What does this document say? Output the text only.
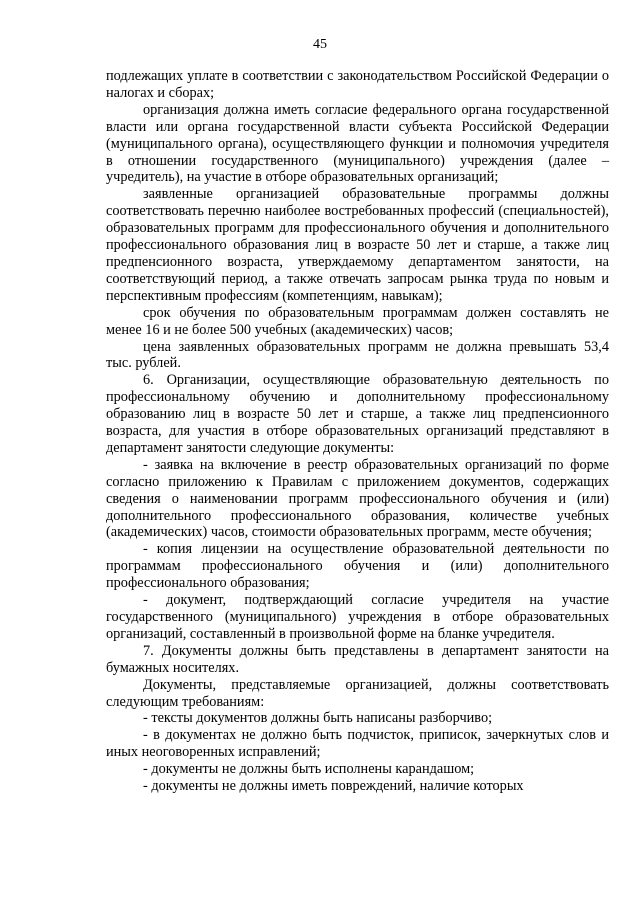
45

подлежащих уплате в соответствии с законодательством Российской Федерации о налогах и сборах;

организация должна иметь согласие федерального органа государственной власти или органа государственной власти субъекта Российской Федерации (муниципального органа), осуществляющего функции и полномочия учредителя в отношении государственного (муниципального) учреждения (далее – учредитель), на участие в отборе образовательных организаций;

заявленные организацией образовательные программы должны соответствовать перечню наиболее востребованных профессий (специальностей), образовательных программ для профессионального обучения и дополнительного профессионального образования лиц в возрасте 50 лет и старше, а также лиц предпенсионного возраста, утверждаемому департаментом занятости, на соответствующий период, а также отвечать запросам рынка труда по новым и перспективным профессиям (компетенциям, навыкам);

срок обучения по образовательным программам должен составлять не менее 16 и не более 500 учебных (академических) часов;

цена заявленных образовательных программ не должна превышать 53,4 тыс. рублей.

6. Организации, осуществляющие образовательную деятельность по профессиональному обучению и дополнительному профессиональному образованию лиц в возрасте 50 лет и старше, а также лиц предпенсионного возраста, для участия в отборе образовательных организаций представляют в департамент занятости следующие документы:

- заявка на включение в реестр образовательных организаций по форме согласно приложению к Правилам с приложением документов, содержащих сведения о наименовании программ профессионального обучения и (или) дополнительного профессионального образования, количестве учебных (академических) часов, стоимости образовательных программ, месте обучения;

- копия лицензии на осуществление образовательной деятельности по программам профессионального обучения и (или) дополнительного профессионального образования;

- документ, подтверждающий согласие учредителя на участие государственного (муниципального) учреждения в отборе образовательных организаций, составленный в произвольной форме на бланке учредителя.

7. Документы должны быть представлены в департамент занятости на бумажных носителях.

Документы, представляемые организацией, должны соответствовать следующим требованиям:

- тексты документов должны быть написаны разборчиво;

- в документах не должно быть подчисток, приписок, зачеркнутых слов и иных неоговоренных исправлений;

- документы не должны быть исполнены карандашом;

- документы не должны иметь повреждений, наличие которых
